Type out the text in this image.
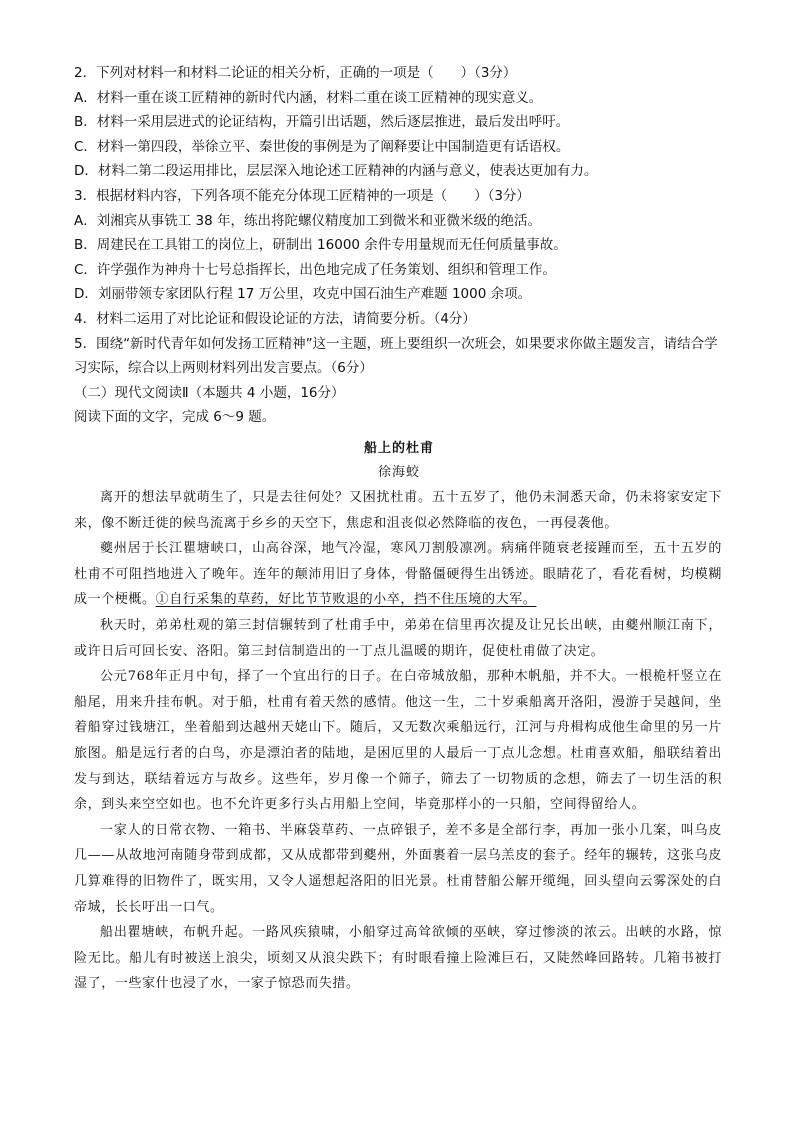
2．下列对材料一和材料二论证的相关分析，正确的一项是（　　）（3分）

A．材料一重在谈工匠精神的新时代内涵，材料二重在谈工匠精神的现实意义。

B．材料一采用层进式的论证结构，开篇引出话题，然后逐层推进，最后发出呼吁。

C．材料一第四段，举徐立平、秦世俊的事例是为了阐释要让中国制造更有话语权。

D．材料二第二段运用排比，层层深入地论述工匠精神的内涵与意义，使表达更加有力。

3．根据材料内容，下列各项不能充分体现工匠精神的一项是（　　）（3分）

A．刘湘宾从事铣工 38 年，练出将陀螺仪精度加工到微米和亚微米级的绝活。

B．周建民在工具钳工的岗位上，研制出 16000 余件专用量规而无任何质量事故。

C．许学强作为神舟十七号总指挥长，出色地完成了任务策划、组织和管理工作。

D．刘丽带领专家团队行程 17 万公里，攻克中国石油生产难题 1000 余项。

4．材料二运用了对比论证和假设论证的方法，请简要分析。（4分）

5．围绕“新时代青年如何发扬工匠精神”这一主题，班上要组织一次班会，如果要求你做主题发言，请结合学习实际，综合以上两则材料列出发言要点。（6分）

（二）现代文阅读Ⅱ（本题共 4 小题，16分）

阅读下面的文字，完成 6～9 题。

船上的杜甫
徐海蛟

离开的想法早就萌生了，只是去往何处？又困扰杜甫。五十五岁了，他仍未洞悉天命，仍未将家安定下来，像不断迁徙的候鸟流离于乡乡的天空下，焦虑和沮丧似必然降临的夜色，一再侵袭他。

夔州居于长江瞿塘峡口，山高谷深，地气冷湿，寒风刀割般凛冽。病痛伴随衰老接踵而至，五十五岁的杜甫不可阻挡地进入了晚年。连年的颠沛用旧了身体，骨骼僵硬得生出锈迹。眼睛花了，看花看树，均模糊成一个梗概。①自行采集的草药，好比节节败退的小卒，挡不住压境的大军。

秋天时，弟弟杜观的第三封信辗转到了杜甫手中，弟弟在信里再次提及让兄长出峡，由夔州顺江南下，或许日后可回长安、洛阳。第三封信制造出的一丁点儿温暖的期许，促使杜甫做了决定。

公元768年正月中旬，择了一个宜出行的日子。在白帝城放船，那种木帆船，并不大。一根桅杆竖立在船尾，用来升挂布帆。对于船，杜甫有着天然的感情。他这一生，二十岁乘船离开洛阳，漫游于吴越间，坐着船穿过钱塘江，坐着船到达越州天姥山下。随后，又无数次乘船远行，江河与舟楫构成他生命里的另一片旅图。船是远行者的白鸟，亦是漂泊者的陆地，是困厄里的人最后一丁点儿念想。杜甫喜欢船，船联结着出发与到达，联结着远方与故乡。这些年，岁月像一个筛子，筛去了一切物质的念想，筛去了一切生活的积余，到头来空空如也。也不允许更多行头占用船上空间，毕竟那样小的一只船，空间得留给人。

一家人的日常衣物、一箱书、半麻袋草药、一点碎银子，差不多是全部行李，再加一张小几案，叫乌皮几——从故地河南随身带到成都，又从成都带到夔州，外面裹着一层乌羔皮的套子。经年的辗转，这张乌皮几算难得的旧物件了，既实用，又令人遥想起洛阳的旧光景。杜甫替船公解开缆绳，回头望向云雾深处的白帝城，长长吁出一口气。

船出瞿塘峡，布帆升起。一路风疾猿啸，小船穿过高耸欲倾的巫峡，穿过惨淡的浓云。出峡的水路，惊险无比。船儿有时被送上浪尖，顷刻又从浪尖跌下；有时眼看撞上险滩巨石，又陡然峰回路转。几箱书被打湿了，一些家什也浸了水，一家子惊恐而失措。
